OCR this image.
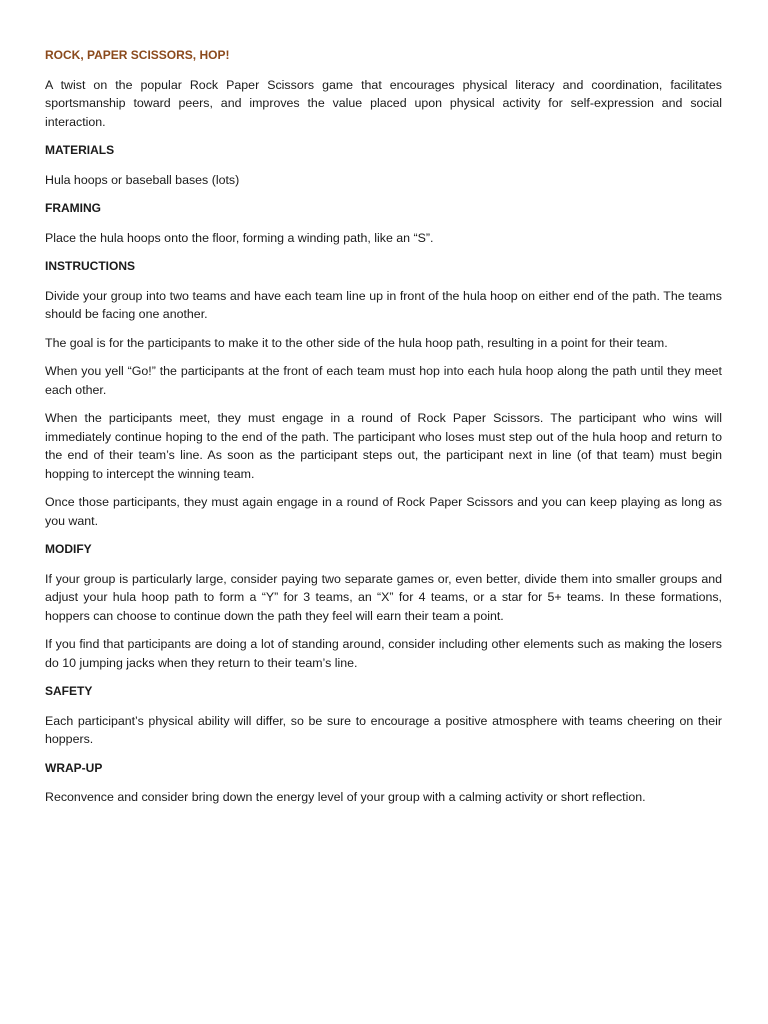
ROCK, PAPER SCISSORS, HOP!

A twist on the popular Rock Paper Scissors game that encourages physical literacy and coordination, facilitates sportsmanship toward peers, and improves the value placed upon physical activity for self-expression and social interaction.

MATERIALS

Hula hoops or baseball bases (lots)

FRAMING

Place the hula hoops onto the floor, forming a winding path, like an “S”.

INSTRUCTIONS

Divide your group into two teams and have each team line up in front of the hula hoop on either end of the path. The teams should be facing one another.

The goal is for the participants to make it to the other side of the hula hoop path, resulting in a point for their team.

When you yell “Go!” the participants at the front of each team must hop into each hula hoop along the path until they meet each other.

When the participants meet, they must engage in a round of Rock Paper Scissors. The participant who wins will immediately continue hoping to the end of the path. The participant who loses must step out of the hula hoop and return to the end of their team’s line. As soon as the participant steps out, the participant next in line (of that team) must begin hopping to intercept the winning team.

Once those participants, they must again engage in a round of Rock Paper Scissors and you can keep playing as long as you want.

MODIFY

If your group is particularly large, consider paying two separate games or, even better, divide them into smaller groups and adjust your hula hoop path to form a “Y” for 3 teams, an “X” for 4 teams, or a star for 5+ teams. In these formations, hoppers can choose to continue down the path they feel will earn their team a point.

If you find that participants are doing a lot of standing around, consider including other elements such as making the losers do 10 jumping jacks when they return to their team’s line.

SAFETY

Each participant’s physical ability will differ, so be sure to encourage a positive atmosphere with teams cheering on their hoppers.

WRAP-UP

Reconvence and consider bring down the energy level of your group with a calming activity or short reflection.
